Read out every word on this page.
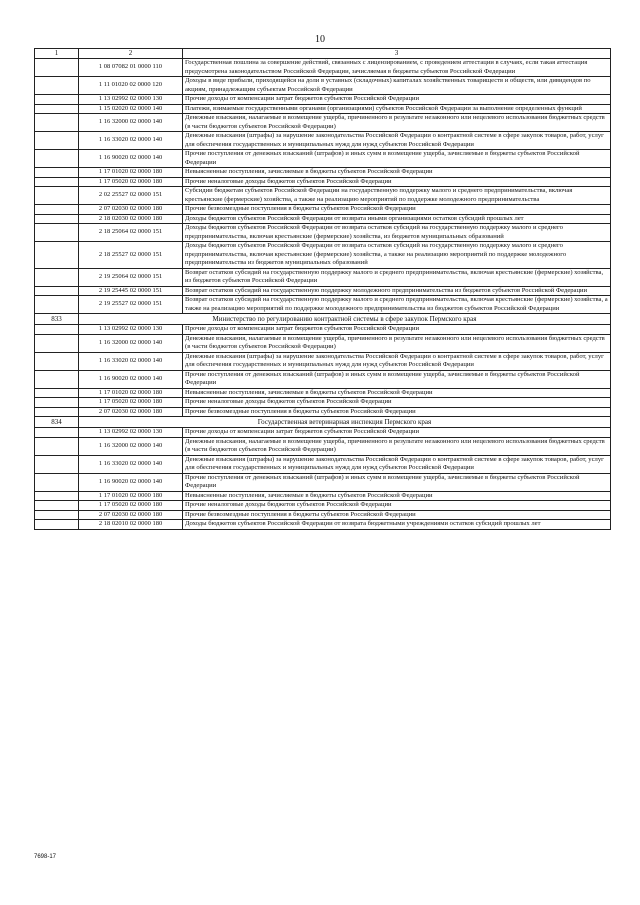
10
1	2	3
	1 08 07082 01 0000 110	Государственная пошлина за совершение действий, связанных с лицензированием, с проведением аттестации в случаях, если такая аттестация предусмотрена законодательством Российской Федерации, зачисляемая в бюджеты субъектов Российской Федерации
	1 11 01020 02 0000 120	Доходы в виде прибыли, приходящейся на доли в уставных (складочных) капиталах хозяйственных товариществ и обществ, или дивидендов по акциям, принадлежащим субъектам Российской Федерации
	1 13 02992 02 0000 130	Прочие доходы от компенсации затрат бюджетов субъектов Российской Федерации
	1 15 02020 02 0000 140	Платежи, взимаемые государственными органами (организациями) субъектов Российской Федерации за выполнение определенных функций
	1 16 32000 02 0000 140	Денежные взыскания, налагаемые в возмещение ущерба, причиненного в результате незаконного или нецелевого использования бюджетных средств (в части бюджетов субъектов Российской Федерации)
	1 16 33020 02 0000 140	Денежные взыскания (штрафы) за нарушение законодательства Российской Федерации о контрактной системе в сфере закупок товаров, работ, услуг для обеспечения государственных и муниципальных нужд для нужд субъектов Российской Федерации
	1 16 90020 02 0000 140	Прочие поступления от денежных взысканий (штрафов) и иных сумм в возмещение ущерба, зачисляемые в бюджеты субъектов Российской Федерации
	1 17 01020 02 0000 180	Невыясненные поступления, зачисляемые в бюджеты субъектов Российской Федерации
	1 17 05020 02 0000 180	Прочие неналоговые доходы бюджетов субъектов Российской Федерации
	2 02 25527 02 0000 151	Субсидии бюджетам субъектов Российской Федерации на государственную поддержку малого и среднего предпринимательства, включая крестьянские (фермерские) хозяйства, а также на реализацию мероприятий по поддержке молодежного предпринимательства
	2 07 02030 02 0000 180	Прочие безвозмездные поступления в бюджеты субъектов Российской Федерации
	2 18 02030 02 0000 180	Доходы бюджетов субъектов Российской Федерации от возврата иными организациями остатков субсидий прошлых лет
	2 18 25064 02 0000 151	Доходы бюджетов субъектов Российской Федерации от возврата остатков субсидий на государственную поддержку малого и среднего предпринимательства, включая крестьянские (фермерские) хозяйства, из бюджетов муниципальных образований
	2 18 25527 02 0000 151	Доходы бюджетов субъектов Российской Федерации от возврата остатков субсидий на государственную поддержку малого и среднего предпринимательства, включая крестьянские (фермерские) хозяйства, а также на реализацию мероприятий по поддержке молодежного предпринимательства из бюджетов муниципальных образований
	2 19 25064 02 0000 151	Возврат остатков субсидий на государственную поддержку малого и среднего предпринимательства, включая крестьянские (фермерские) хозяйства, из бюджетов субъектов Российской Федерации
	2 19 25445 02 0000 151	Возврат остатков субсидий на государственную поддержку молодежного предпринимательства из бюджетов субъектов Российской Федерации
	2 19 25527 02 0000 151	Возврат остатков субсидий на государственную поддержку малого и среднего предпринимательства, включая крестьянские (фермерские) хозяйства, а также на реализацию мероприятий по поддержке молодежного предпринимательства из бюджетов субъектов Российской Федерации
833	Министерство по регулированию контрактной системы в сфере закупок Пермского края	
	1 13 02992 02 0000 130	Прочие доходы от компенсации затрат бюджетов субъектов Российской Федерации
	1 16 32000 02 0000 140	Денежные взыскания, налагаемые в возмещение ущерба, причиненного в результате незаконного или нецелевого использования бюджетных средств (в части бюджетов субъектов Российской Федерации)
	1 16 33020 02 0000 140	Денежные взыскания (штрафы) за нарушение законодательства Российской Федерации о контрактной системе в сфере закупок товаров, работ, услуг для обеспечения государственных и муниципальных нужд для нужд субъектов Российской Федерации
	1 16 90020 02 0000 140	Прочие поступления от денежных взысканий (штрафов) и иных сумм в возмещение ущерба, зачисляемые в бюджеты субъектов Российской Федерации
	1 17 01020 02 0000 180	Невыясненные поступления, зачисляемые в бюджеты субъектов Российской Федерации
	1 17 05020 02 0000 180	Прочие неналоговые доходы бюджетов субъектов Российской Федерации
	2 07 02030 02 0000 180	Прочие безвозмездные поступления в бюджеты субъектов Российской Федерации
834	Государственная ветеринарная инспекция Пермского края	
	1 13 02992 02 0000 130	Прочие доходы от компенсации затрат бюджетов субъектов Российской Федерации
	1 16 32000 02 0000 140	Денежные взыскания, налагаемые в возмещение ущерба, причиненного в результате незаконного или нецелевого использования бюджетных средств (в части бюджетов субъектов Российской Федерации)
	1 16 33020 02 0000 140	Денежные взыскания (штрафы) за нарушение законодательства Российской Федерации о контрактной системе в сфере закупок товаров, работ, услуг для обеспечения государственных и муниципальных нужд для нужд субъектов Российской Федерации
	1 16 90020 02 0000 140	Прочие поступления от денежных взысканий (штрафов) и иных сумм в возмещение ущерба, зачисляемые в бюджеты субъектов Российской Федерации
	1 17 01020 02 0000 180	Невыясненные поступления, зачисляемые в бюджеты субъектов Российской Федерации
	1 17 05020 02 0000 180	Прочие неналоговые доходы бюджетов субъектов Российской Федерации
	2 07 02030 02 0000 180	Прочие безвозмездные поступления в бюджеты субъектов Российской Федерации
	2 18 02010 02 0000 180	Доходы бюджетов субъектов Российской Федерации от возврата бюджетными учреждениями остатков субсидий прошлых лет
7698-17
